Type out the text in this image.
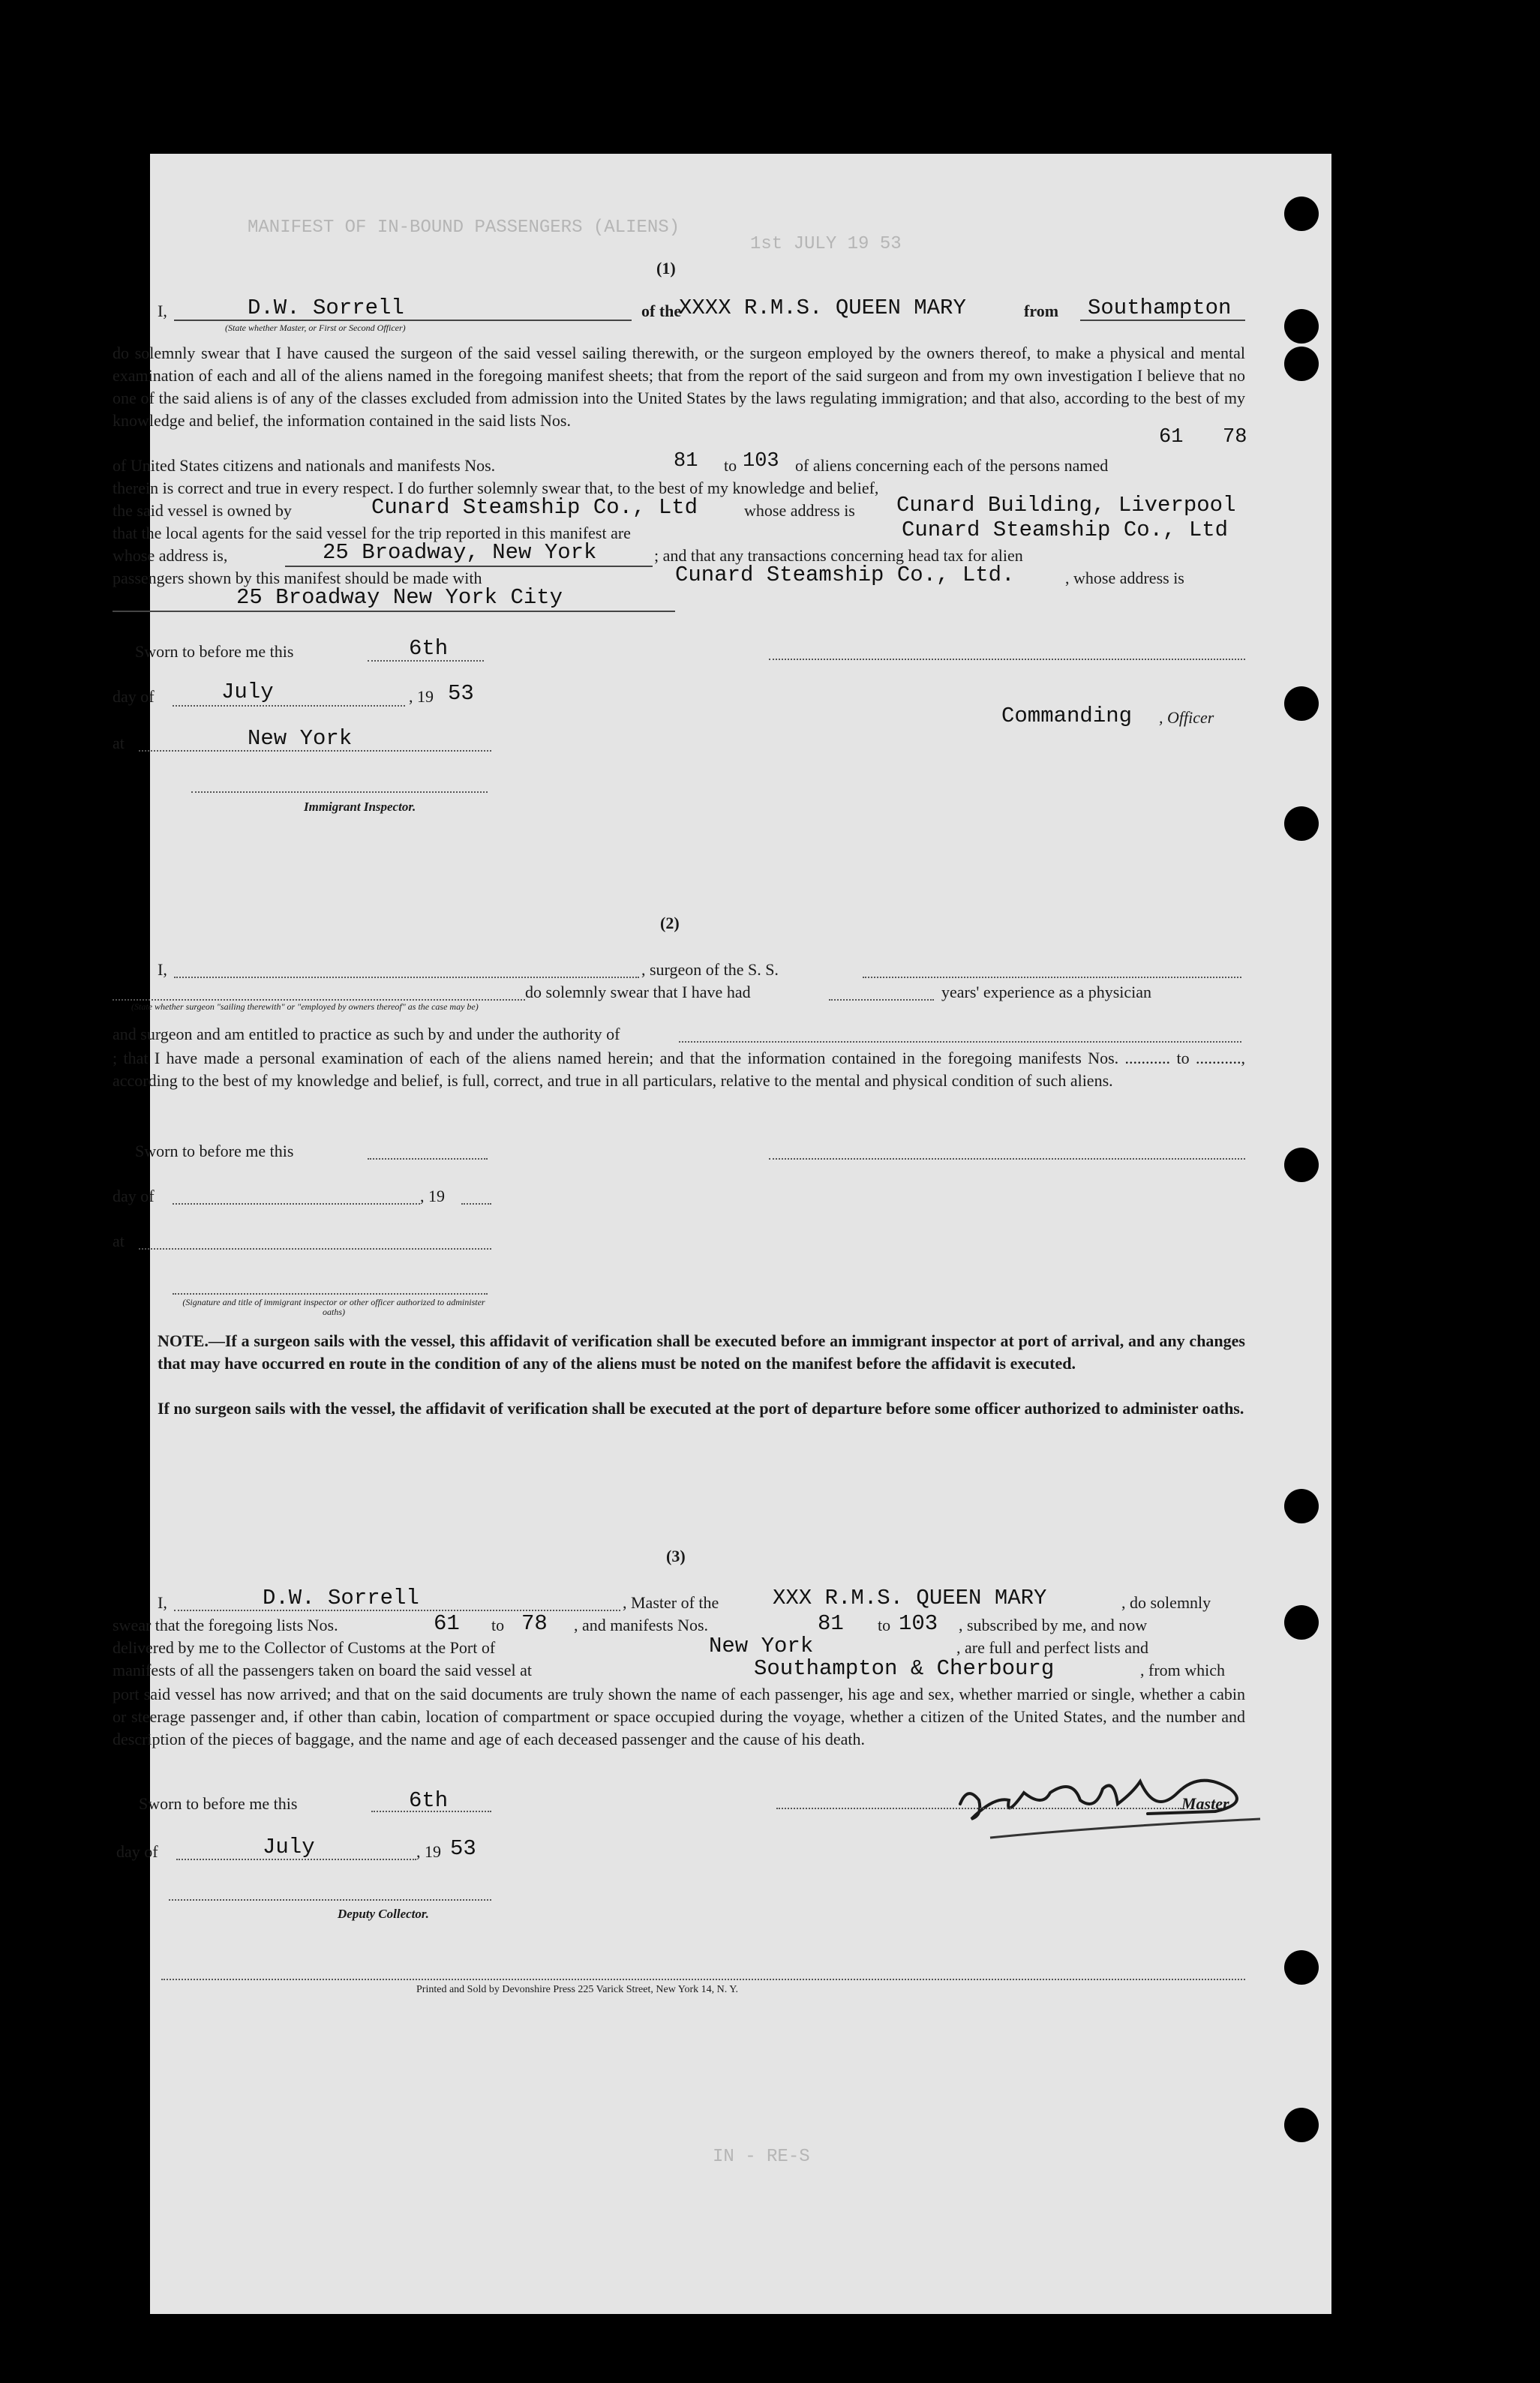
MANIFEST OF IN-BOUND PASSENGERS (ALIENS)
1st JULY 19 53
IN - RE-S
(1)
I,	D.W. Sorrell
(State whether Master, or First or Second Officer)
of the
XXXX R.M.S. QUEEN MARY	from Southampton
do solemnly swear that I have caused the surgeon of the said vessel sailing therewith, or the surgeon employed by the owners thereof, to make a physical and mental examination of each and all of the aliens named in the foregoing manifest sheets; that from the report of the said surgeon and from my own investigation I believe that no one of the said aliens is of any of the classes excluded from admission into the United States by the laws regulating immigration; and that also, according to the best of my knowledge and belief, the information contained in the said lists Nos.
61 78
of United States citizens and nationals and manifests Nos.	81 to 103 of aliens concerning each of the persons named
therein is correct and true in every respect. I do further solemnly swear that, to the best of my knowledge and belief,
the said vessel is owned by	Cunard Steamship Co., Ltd	whose address is Cunard Building, Liverpool
that the local agents for the said vessel for the trip reported in this manifest are	Cunard Steamship Co., Ltd
whose address is,	25 Broadway, New York	; and that any transactions concerning head tax for alien
passengers shown by this manifest should be made with	Cunard Steamship Co., Ltd.	, whose address is
25 Broadway New York City
Sworn to before me this	6th
day of	July	, 19 53
Commanding , Officer
at	New York
Immigrant Inspector.
(2)
I,	, surgeon of the S. S.
do solemnly swear that I have had	years' experience as a physician
(State whether surgeon "sailing therewith" or "employed by owners thereof" as the case may be)
and surgeon and am entitled to practice as such by and under the authority of
; that I have made a personal examination of each of the aliens named herein; and that the information contained in the foregoing manifests Nos. ........... to ..........., according to the best of my knowledge and belief, is full, correct, and true in all particulars, relative to the mental and physical condition of such aliens.
Sworn to before me this
day of	, 19
at
(Signature and title of immigrant inspector or other officer authorized to administer oaths)
NOTE.—If a surgeon sails with the vessel, this affidavit of verification shall be executed before an immigrant inspector at port of arrival, and any changes that may have occurred en route in the condition of any of the aliens must be noted on the manifest before the affidavit is executed.
If no surgeon sails with the vessel, the affidavit of verification shall be executed at the port of departure before some officer authorized to administer oaths.
(3)
I,	D.W. Sorrell	, Master of the XXX R.M.S. QUEEN MARY	, do solemnly
swear that the foregoing lists Nos.	61 to 78 , and manifests Nos.	81 to 103 , subscribed by me, and now
delivered by me to the Collector of Customs at the Port of	New York	, are full and perfect lists and
manifests of all the passengers taken on board the said vessel at	Southampton & Cherbourg	, from which
port said vessel has now arrived; and that on the said documents are truly shown the name of each passenger, his age and sex, whether married or single, whether a cabin or steerage passenger and, if other than cabin, location of compartment or space occupied during the voyage, whether a citizen of the United States, and the number and description of the pieces of baggage, and the name and age of each deceased passenger and the cause of his death.
Sworn to before me this	6th	Master
day of	July	, 19 53
Deputy Collector.
Printed and Sold by Devonshire Press 225 Varick Street, New York 14, N. Y.
